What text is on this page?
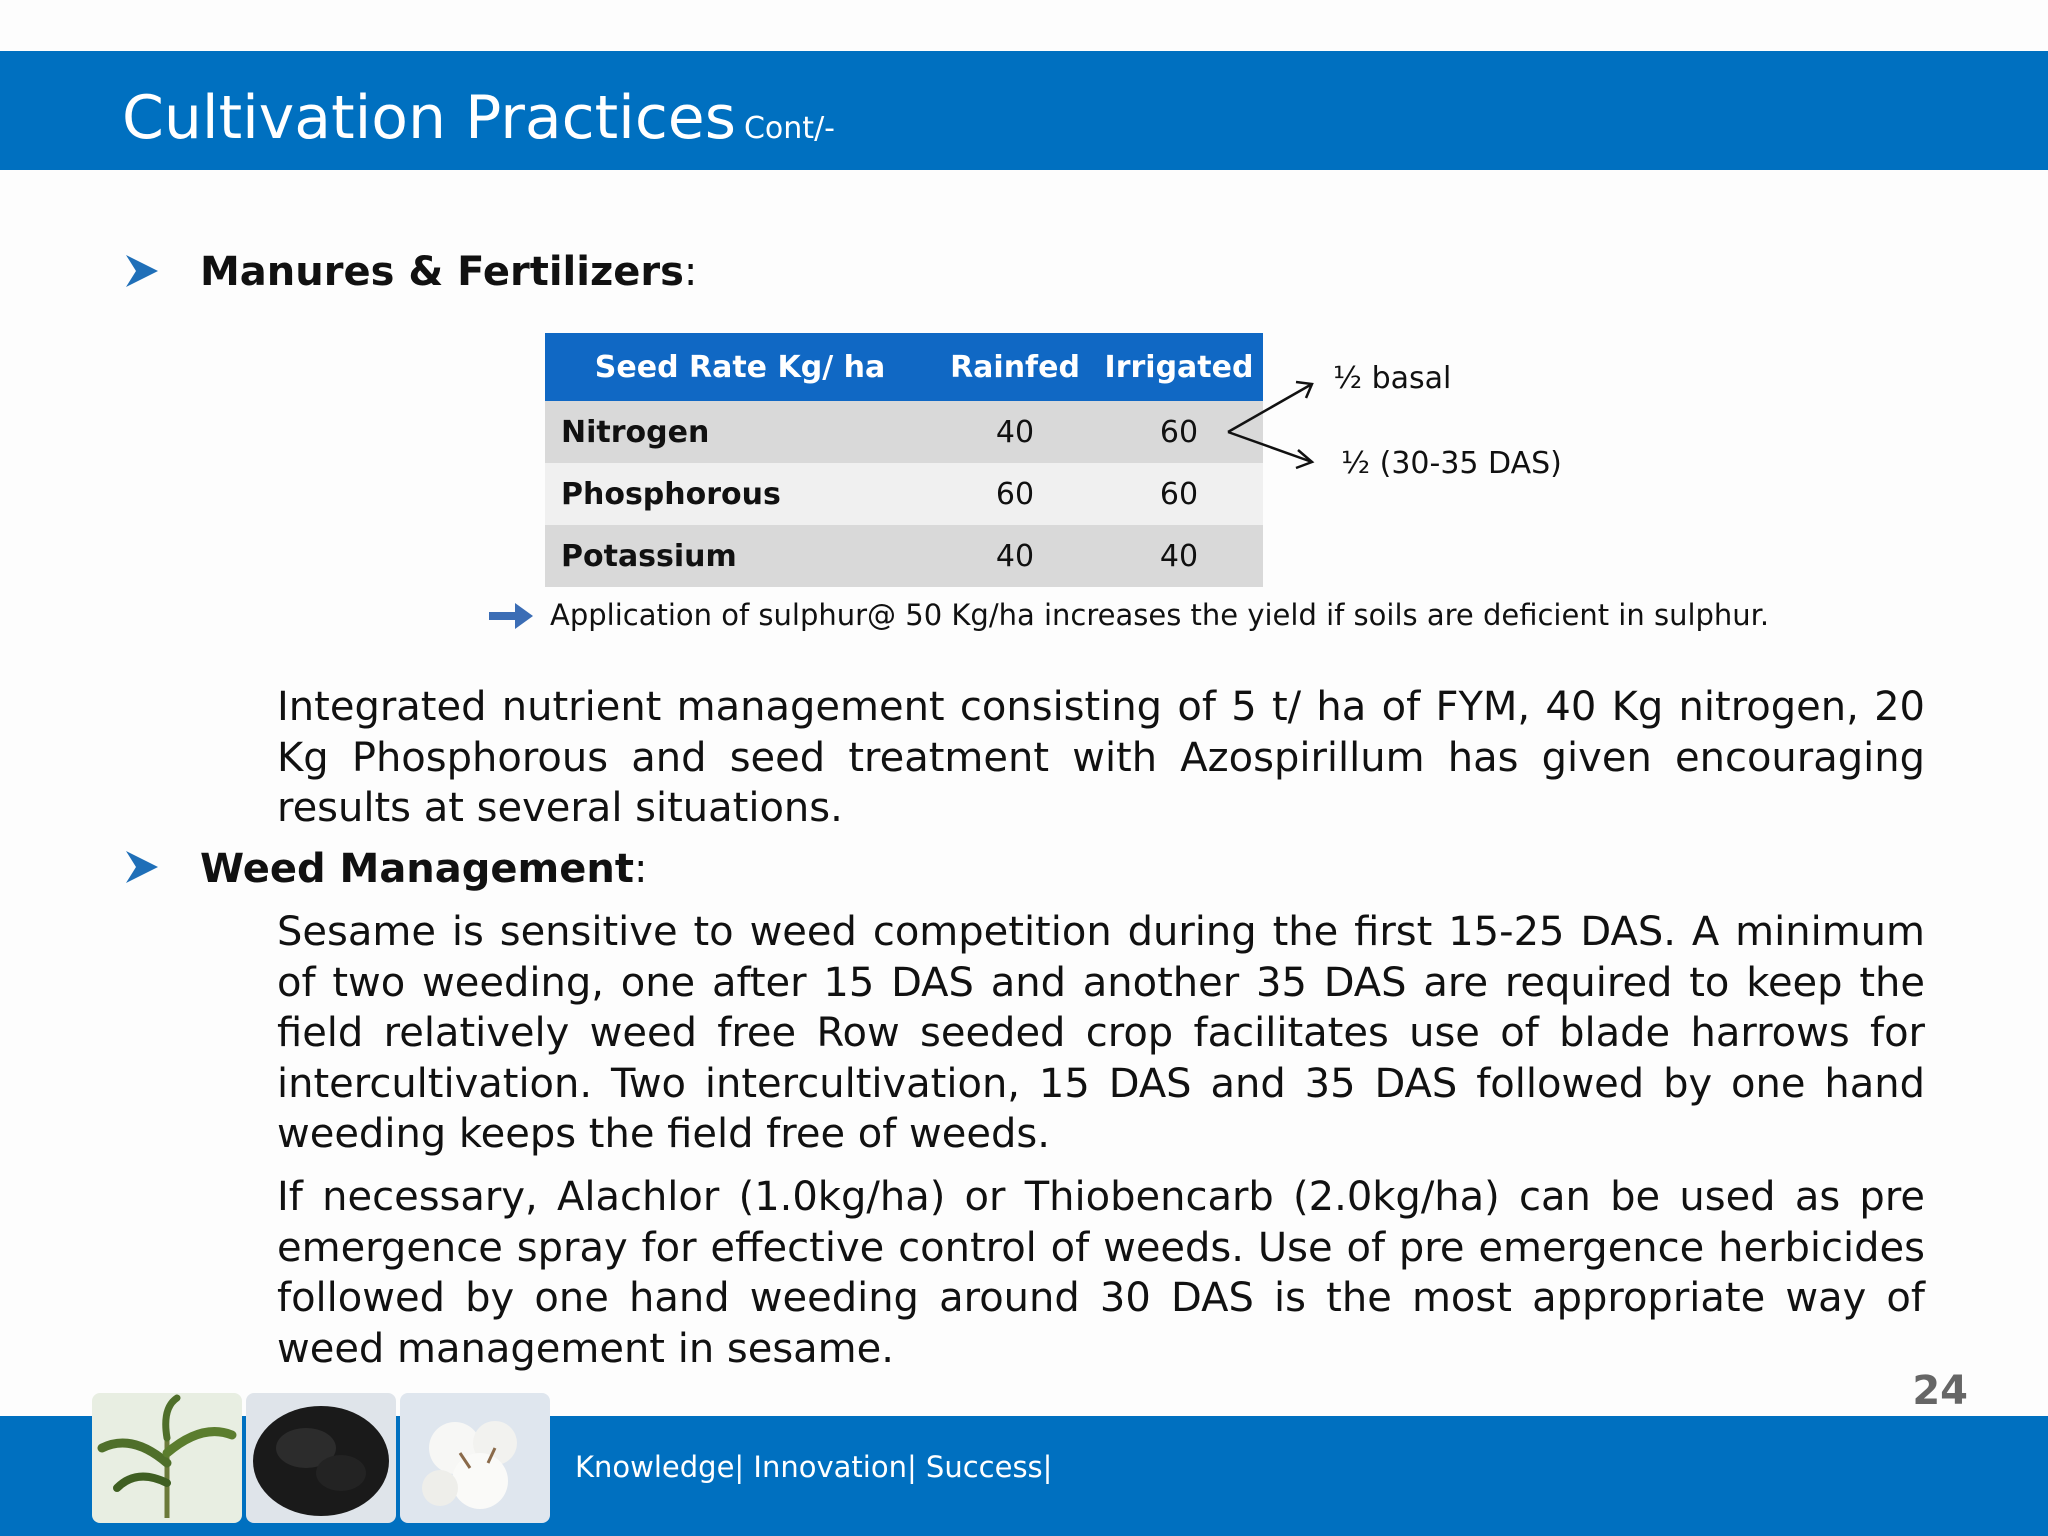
Cultivation Practices Cont/-
Manures & Fertilizers:
Seed Rate Kg/ ha	Rainfed	Irrigated
Nitrogen	40	60
Phosphorous	60	60
Potassium	40	40
½ basal
½ (30-35 DAS)
Application of sulphur@ 50 Kg/ha increases the yield if soils are deficient in sulphur.
Integrated nutrient management consisting of 5 t/ ha of FYM, 40 Kg nitrogen, 20 Kg Phosphorous and seed treatment with Azospirillum has given encouraging results at several situations.
Weed Management:
Sesame is sensitive to weed competition during the first 15-25 DAS. A minimum of two weeding, one after 15 DAS and another 35 DAS are required to keep the field relatively weed free Row seeded crop facilitates use of blade harrows for intercultivation. Two intercultivation, 15 DAS and 35 DAS followed by one hand weeding keeps the field free of weeds.
If necessary, Alachlor (1.0kg/ha) or Thiobencarb (2.0kg/ha) can be used as pre emergence spray for effective control of weeds. Use of pre emergence herbicides followed by one hand weeding around 30 DAS is the most appropriate way of weed management in sesame.
24
Knowledge| Innovation| Success|
